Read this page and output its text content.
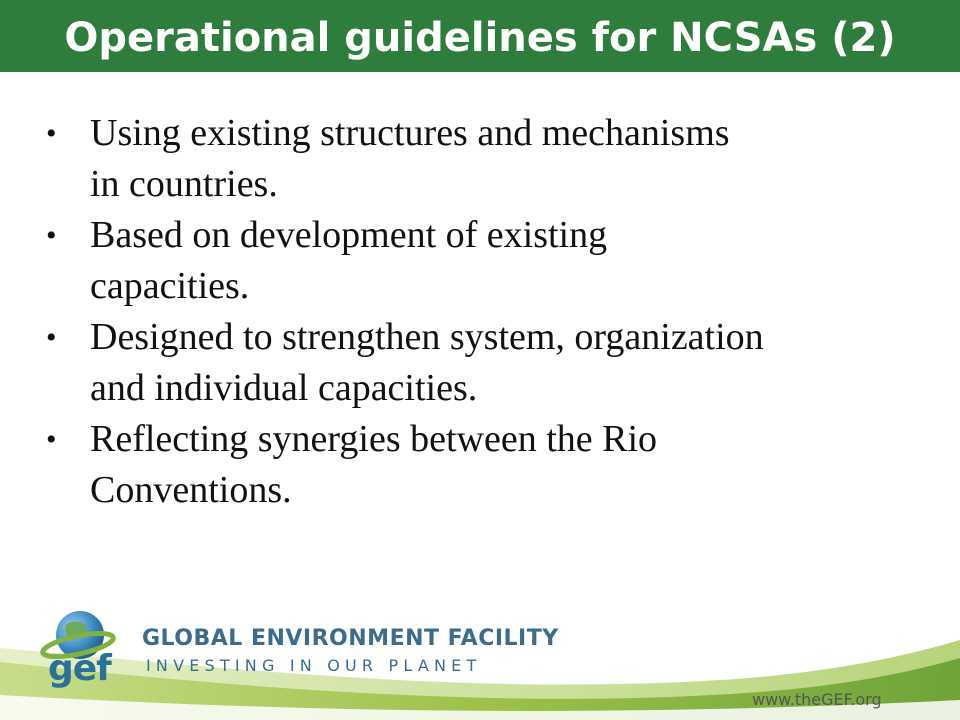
Operational guidelines for NCSAs (2)
• Using existing structures and mechanisms
in countries.
• Based on development of existing
capacities.
• Designed to strengthen system, organization
and individual capacities.
• Reflecting synergies between the Rio
Conventions.
gef
GLOBAL ENVIRONMENT FACILITY
INVESTING IN OUR PLANET
www.theGEF.org
